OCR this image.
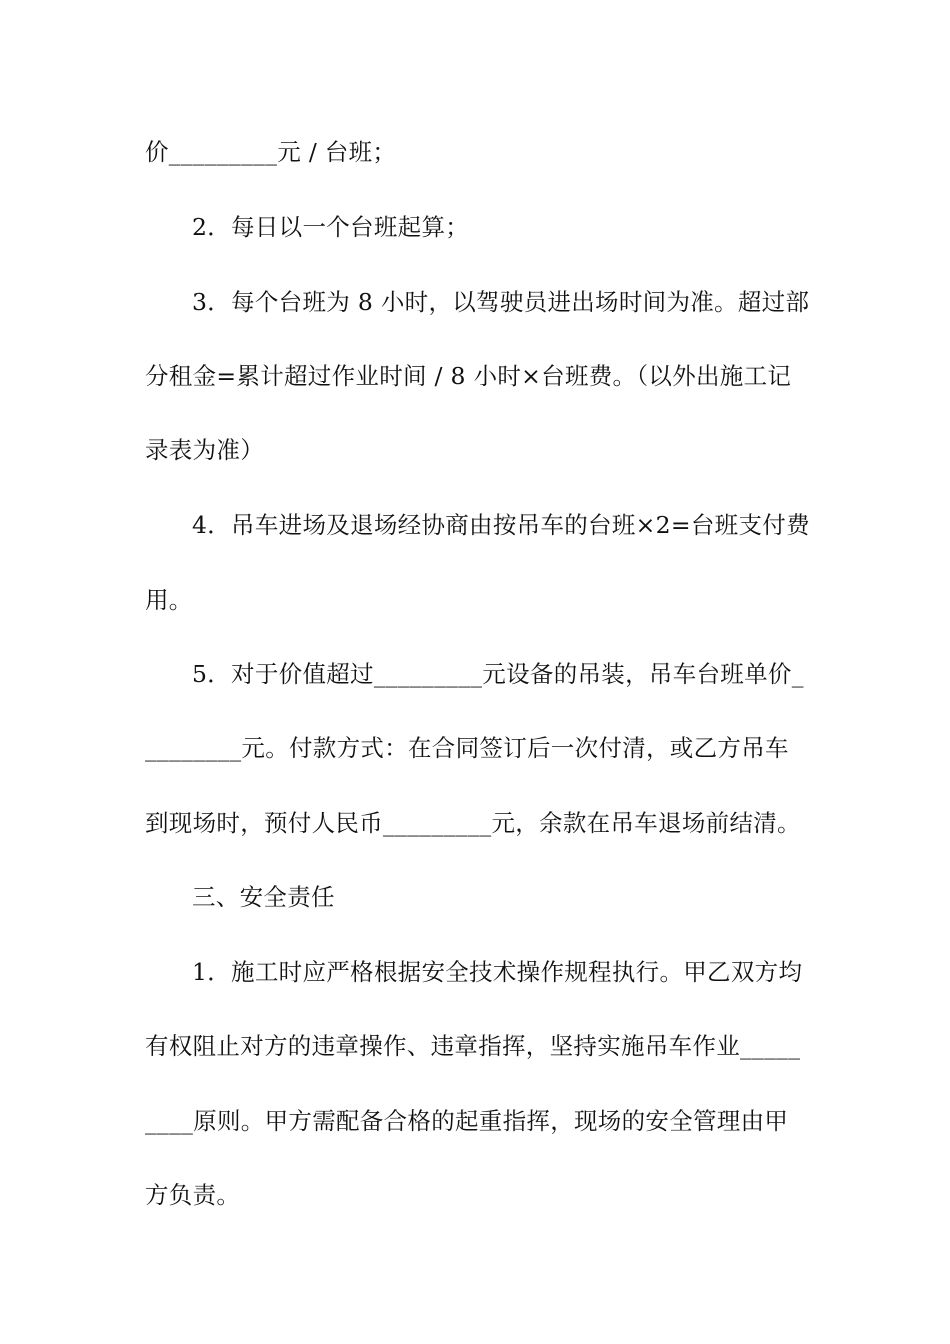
价_________元 / 台班；
2．每日以一个台班起算；
3．每个台班为 8 小时，以驾驶员进出场时间为准。超过部
分租金=累计超过作业时间 / 8 小时×台班费。（以外出施工记
录表为准）
4．吊车进场及退场经协商由按吊车的台班×2=台班支付费
用。
5．对于价值超过_________元设备的吊装，吊车台班单价_
________元。付款方式：在合同签订后一次付清，或乙方吊车
到现场时，预付人民币_________元，余款在吊车退场前结清。
三、安全责任
1．施工时应严格根据安全技术操作规程执行。甲乙双方均
有权阻止对方的违章操作、违章指挥，坚持实施吊车作业_____
____原则。甲方需配备合格的起重指挥，现场的安全管理由甲
方负责。
